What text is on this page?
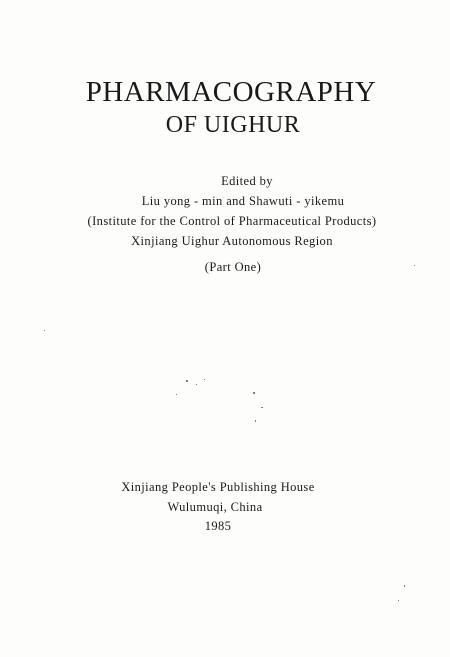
PHARMACOGRAPHY
OF UIGHUR
Edited by
Liu yong - min and Shawuti - yikemu
(Institute for the Control of Pharmaceutical Products)
Xinjiang Uighur Autonomous Region
(Part One)
Xinjiang People's Publishing House
Wulumuqi, China
1985
